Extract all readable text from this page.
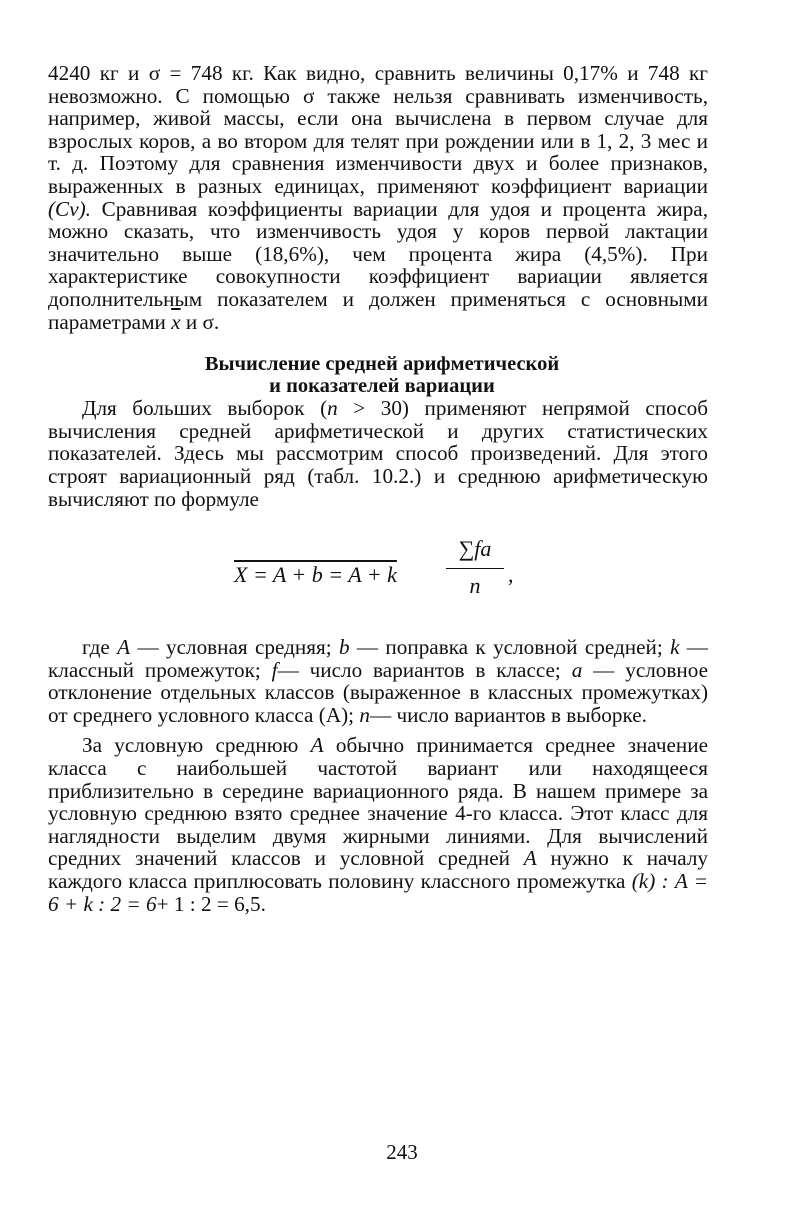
4240 кг и σ = 748 кг. Как видно, сравнить величины 0,17% и 748 кг невозможно. С помощью σ также нельзя сравнивать изменчивость, например, живой массы, если она вычислена в первом случае для взрослых коров, а во втором для телят при рождении или в 1, 2, 3 мес и т. д. Поэтому для сравнения изменчивости двух и более признаков, выраженных в разных единицах, применяют коэффициент вариации (Cv). Сравнивая коэффициенты вариации для удоя и процента жира, можно сказать, что изменчивость удоя у коров первой лактации значительно выше (18,6%), чем процента жира (4,5%). При характеристике совокупности коэффициент вариации является дополнительным показателем и должен применяться с основными параметрами $\overline{x}$ и σ.

Вычисление средней арифметической
и показателей вариации

Для больших выборок (n > 30) применяют непрямой способ вычисления средней арифметической и других статистических показателей. Здесь мы рассмотрим способ произведений. Для этого строят вариационный ряд (табл. 10.2.) и среднюю арифметическую вычисляют по формуле

X = A + b = A + k
∑fa
n	,

где A — условная средняя; b — поправка к условной средней; k — классный промежуток; f— число вариантов в классе; a — условное отклонение отдельных классов (выраженное в классных промежутках) от среднего условного класса (А); n— число вариантов в выборке.

За условную среднюю A обычно принимается среднее значение класса с наибольшей частотой вариант или находящееся приблизительно в середине вариационного ряда. В нашем примере за условную среднюю взято среднее значение 4-го класса. Этот класс для наглядности выделим двумя жирными линиями. Для вычислений средних значений классов и условной средней A нужно к началу каждого класса приплюсовать половину классного промежутка (k) : A = 6 + k : 2 = 6+ 1 : 2 = 6,5.

243
